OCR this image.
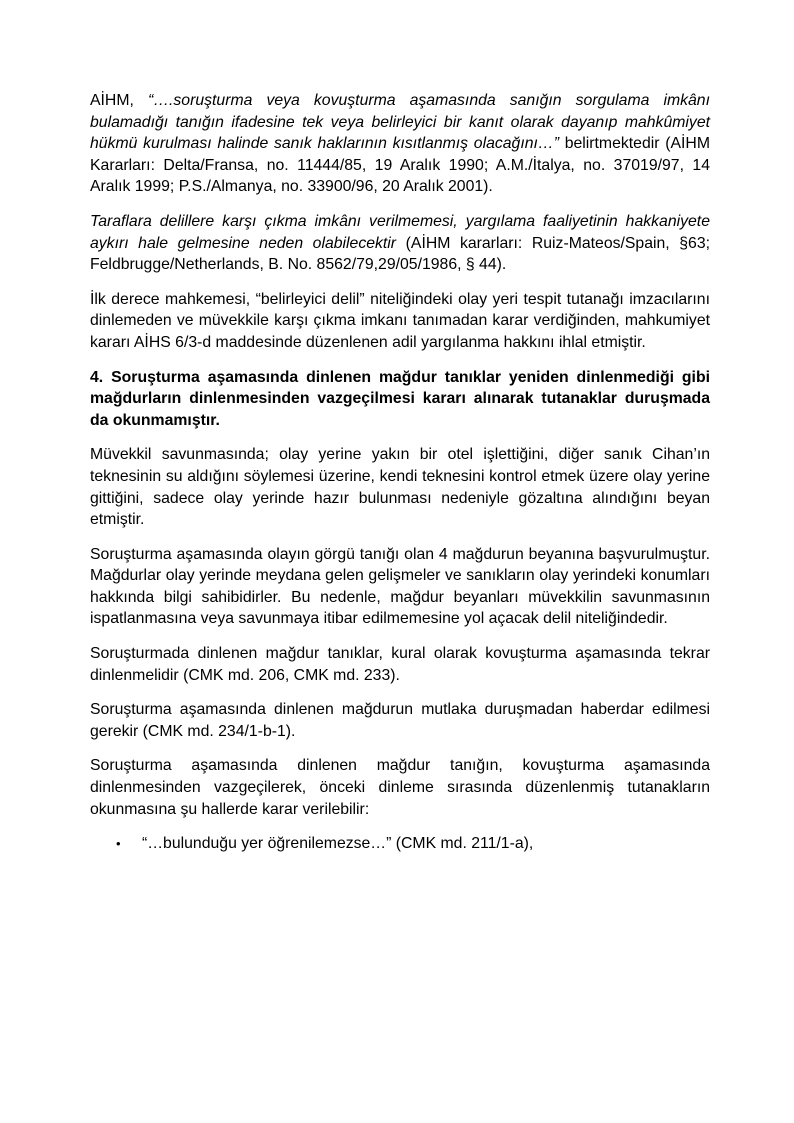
AİHM, “….soruşturma veya kovuşturma aşamasında sanığın sorgulama imkânı bulamadığı tanığın ifadesine tek veya belirleyici bir kanıt olarak dayanıp mahkûmiyet hükmü kurulması halinde sanık haklarının kısıtlanmış olacağını…” belirtmektedir (AİHM Kararları: Delta/Fransa, no. 11444/85, 19 Aralık 1990; A.M./İtalya, no. 37019/97, 14 Aralık 1999; P.S./Almanya, no. 33900/96, 20 Aralık 2001).

Taraflara delillere karşı çıkma imkânı verilmemesi, yargılama faaliyetinin hakkaniyete aykırı hale gelmesine neden olabilecektir (AİHM kararları: Ruiz-Mateos/Spain, §63; Feldbrugge/Netherlands, B. No. 8562/79,29/05/1986, § 44).

İlk derece mahkemesi, “belirleyici delil” niteliğindeki olay yeri tespit tutanağı imzacılarını dinlemeden ve müvekkile karşı çıkma imkanı tanımadan karar verdiğinden, mahkumiyet kararı AİHS 6/3-d maddesinde düzenlenen adil yargılanma hakkını ihlal etmiştir.

4. Soruşturma aşamasında dinlenen mağdur tanıklar yeniden dinlenmediği gibi mağdurların dinlenmesinden vazgeçilmesi kararı alınarak tutanaklar duruşmada da okunmamıştır.

Müvekkil savunmasında; olay yerine yakın bir otel işlettiğini, diğer sanık Cihan’ın teknesinin su aldığını söylemesi üzerine, kendi teknesini kontrol etmek üzere olay yerine gittiğini, sadece olay yerinde hazır bulunması nedeniyle gözaltına alındığını beyan etmiştir.

Soruşturma aşamasında olayın görgü tanığı olan 4 mağdurun beyanına başvurulmuştur. Mağdurlar olay yerinde meydana gelen gelişmeler ve sanıkların olay yerindeki konumları hakkında bilgi sahibidirler. Bu nedenle, mağdur beyanları müvekkilin savunmasının ispatlanmasına veya savunmaya itibar edilmemesine yol açacak delil niteliğindedir.

Soruşturmada dinlenen mağdur tanıklar, kural olarak kovuşturma aşamasında tekrar dinlenmelidir (CMK md. 206, CMK md. 233).

Soruşturma aşamasında dinlenen mağdurun mutlaka duruşmadan haberdar edilmesi gerekir (CMK md. 234/1-b-1).

Soruşturma aşamasında dinlenen mağdur tanığın, kovuşturma aşamasında dinlenmesinden vazgeçilerek, önceki dinleme sırasında düzenlenmiş tutanakların okunmasına şu hallerde karar verilebilir:

•	“…bulunduğu yer öğrenilemezse…” (CMK md. 211/1-a),
